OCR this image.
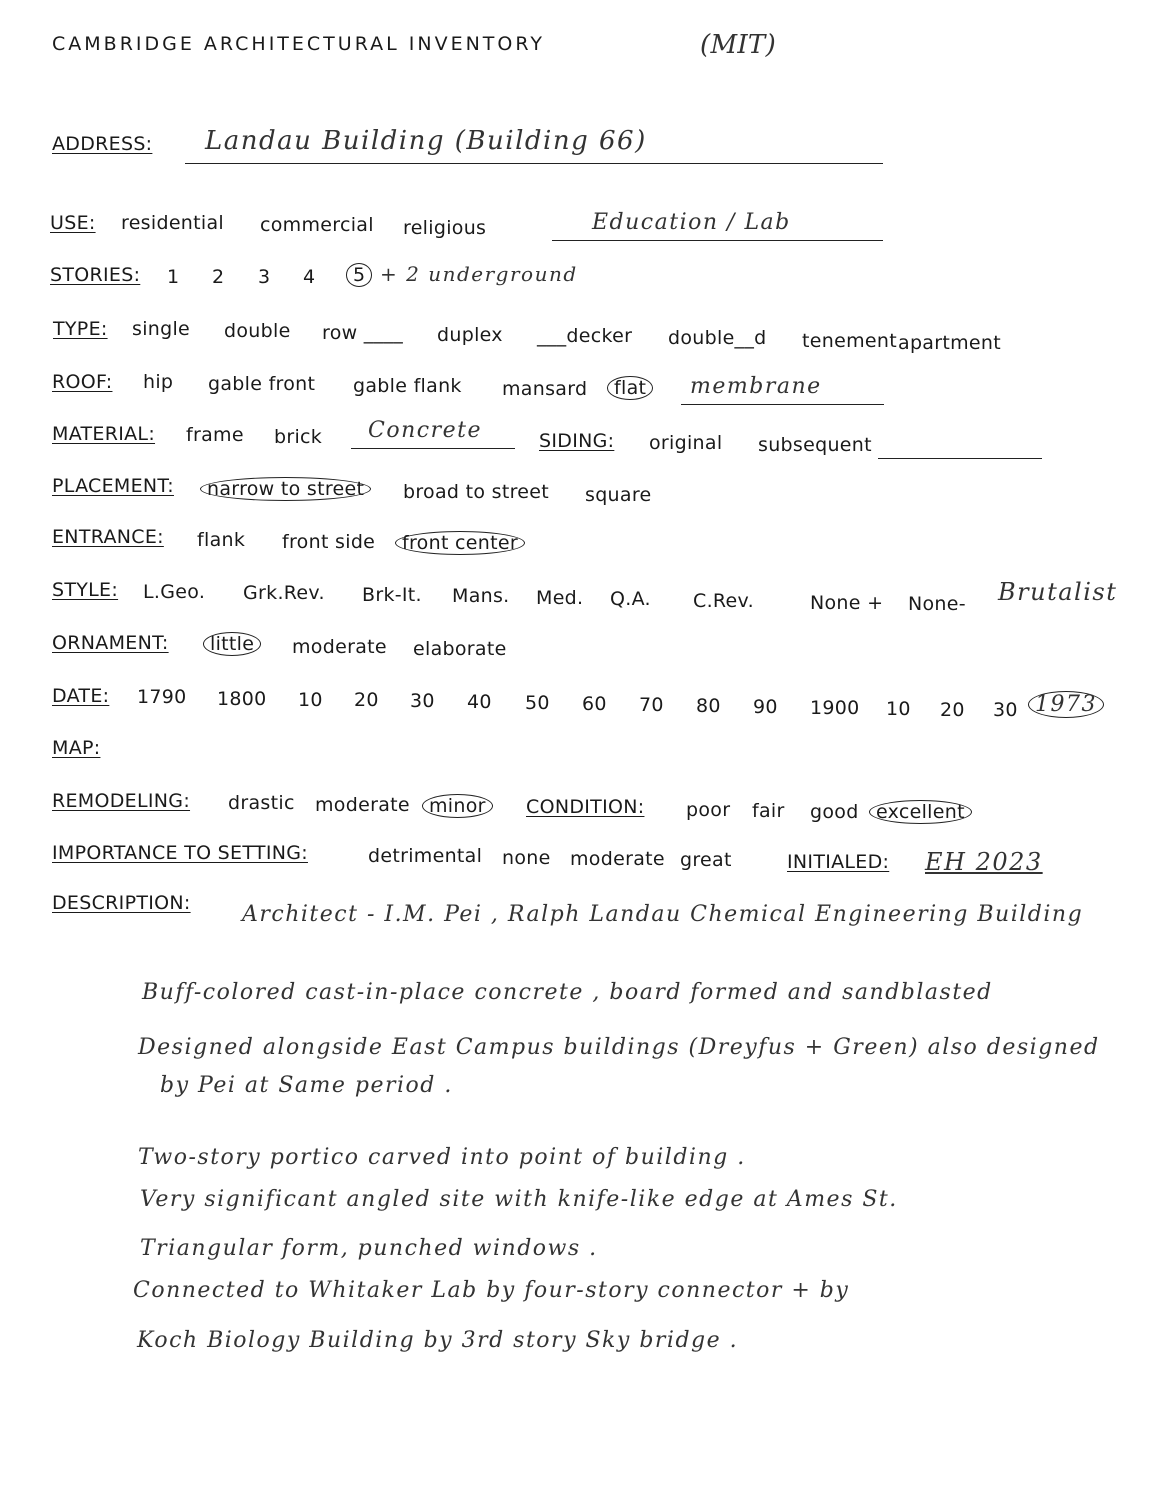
CAMBRIDGE ARCHITECTURAL INVENTORY	(MIT)
ADDRESS: Landau Building (Building 66)
USE: residential commercial religious	Education / Lab
STORIES: 1 2 3 4 5 + 2 underground
TYPE: single double row ____ duplex ___decker double__d tenement apartment
ROOF: hip gable front gable flank mansard flat	membrane
MATERIAL: frame brick Concrete	SIDING: original subsequent
PLACEMENT: narrow to street	broad to street square
ENTRANCE: flank front side front center
STYLE: L.Geo. Grk.Rev. Brk-It. Mans. Med. Q.A. C.Rev.	None + None- Brutalist
ORNAMENT: little	moderate elaborate
DATE: 1790 1800 10 20 30 40 50 60 70 80 90 1900 10 20 30 1973
MAP:
REMODELING: drastic moderate minor	CONDITION: poor fair good excellent
IMPORTANCE TO SETTING:	detrimental none moderate great	INITIALED: EH 2023
DESCRIPTION: Architect - I.M. Pei , Ralph Landau Chemical Engineering Building
Buff-colored cast-in-place concrete , board formed and sandblasted
Designed alongside East Campus buildings (Dreyfus + Green) also designed
by Pei at Same period .
Two-story portico carved into point of building .
Very significant angled site with knife-like edge at Ames St.
Triangular form, punched windows .
Connected to Whitaker Lab by four-story connector + by
Koch Biology Building by 3rd story Sky bridge .
